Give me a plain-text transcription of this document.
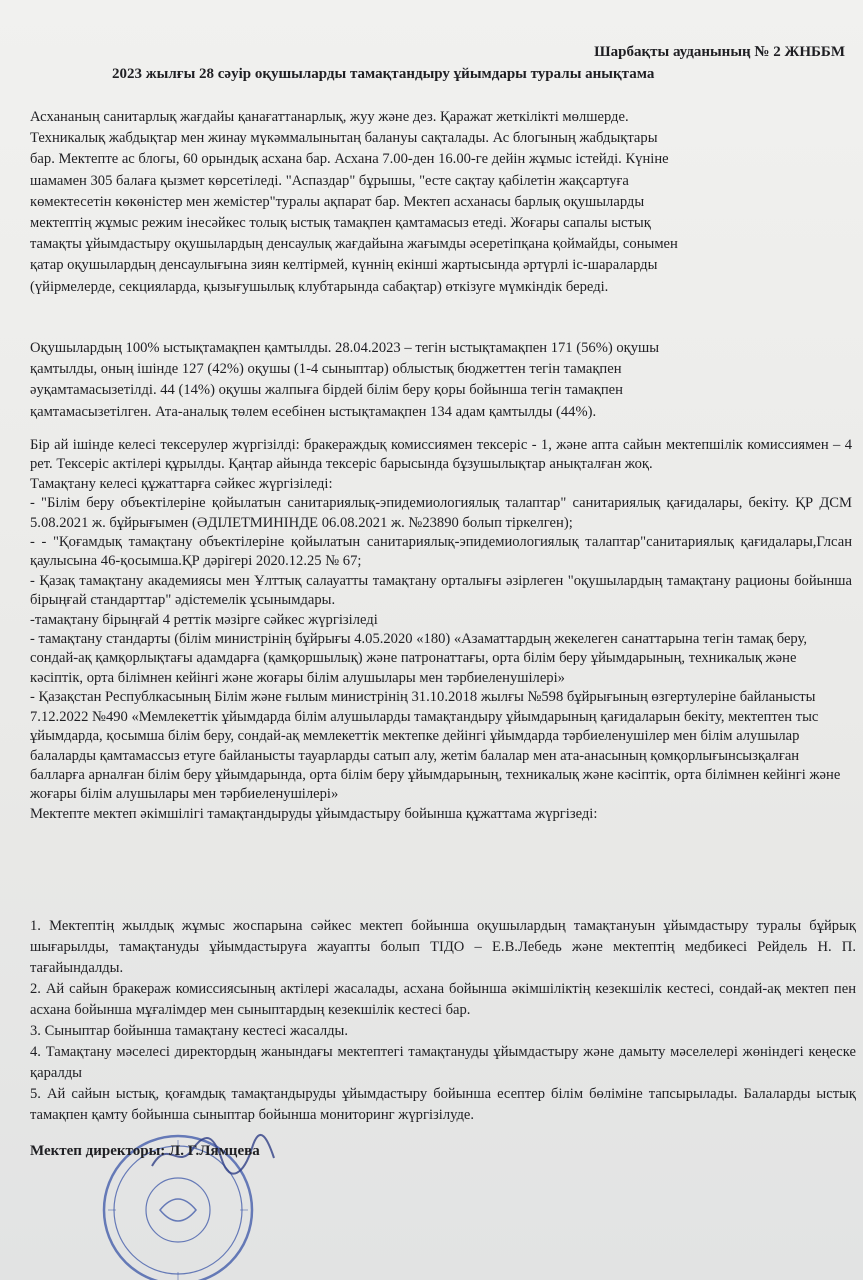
Шарбақты ауданының № 2 ЖНББМ
2023 жылғы 28 сәуір оқушыларды тамақтандыру ұйымдары туралы анықтама

Асхананың санитарлық жағдайы қанағаттанарлық, жуу және дез. Қаражат жеткілікті мөлшерде.

Техникалық жабдықтар мен жинау мүкәммалынытаң балануы сақталады. Ас блогының жабдықтары

бар. Мектепте ас блогы, 60 орындық асхана бар. Асхана 7.00-ден 16.00-ге дейін жұмыс істейді. Күніне

шамамен 305 балаға қызмет көрсетіледі. "Аспаздар" бұрышы, "есте сақтау қабілетін жақсартуға

көмектесетін көкөністер мен жемістер"туралы ақпарат бар. Мектеп асханасы барлық оқушыларды

мектептің жұмыс режим інесәйкес толық ыстық тамақпен қамтамасыз етеді. Жоғары сапалы ыстық

тамақты ұйымдастыру оқушылардың денсаулық жағдайына жағымды әсеретіпқана қоймайды, сонымен

қатар оқушылардың денсаулығына зиян келтірмей, күннің екінші жартысында әртүрлі іс-шараларды

(үйірмелерде, секцияларда, қызығушылық клубтарында сабақтар) өткізуге мүмкіндік береді.

Оқушылардың 100% ыстықтамақпен қамтылды. 28.04.2023 – тегін ыстықтамақпен 171 (56%) оқушы

қамтылды, оның ішінде 127 (42%) оқушы (1-4 сыныптар) облыстық бюджеттен тегін тамақпен

әуқамтамасызетілді. 44 (14%) оқушы жалпыға бірдей білім беру қоры бойынша тегін тамақпен

қамтамасызетілген. Ата-аналық төлем есебінен ыстықтамақпен 134 адам қамтылды (44%).

Бір ай ішінде келесі тексерулер жүргізілді: бракераждық комиссиямен тексеріс - 1, және апта сайын мектепшілік комиссиямен – 4 рет. Тексеріс актілері құрылды. Қаңтар айында тексеріс барысында бұзушылықтар анықталған жоқ.

Тамақтану келесі құжаттарға сәйкес жүргізіледі:

- "Білім беру объектілеріне қойылатын санитариялық-эпидемиологиялық талаптар" санитариялық қағидалары, бекіту. ҚР ДСМ 5.08.2021 ж. бұйрығымен (ӘДІЛЕТМИНІНДЕ 06.08.2021 ж. №23890 болып тіркелген);

- - "Қоғамдық тамақтану объектілеріне қойылатын санитариялық-эпидемиологиялық талаптар"санитариялық қағидалары,Глсан қаулысына 46-қосымша.ҚР дәрігері 2020.12.25 № 67;

- Қазақ тамақтану академиясы мен Ұлттық салауатты тамақтану орталығы әзірлеген "оқушылардың тамақтану рационы бойынша бірыңғай стандарттар" әдістемелік ұсынымдары.

-тамақтану бірыңғай 4 реттік мәзірге сәйкес жүргізіледі

- тамақтану стандарты (білім министрінің бұйрығы 4.05.2020 «180) «Азаматтардың жекелеген санаттарына тегін тамақ беру, сондай-ақ қамқорлықтағы адамдарға (қамқоршылық) және патронаттағы, орта білім беру ұйымдарының, техникалық және кәсіптік, орта білімнен кейінгі және жоғары білім алушылары мен тәрбиеленушілері»

- Қазақстан Республкасының Білім және ғылым министрінің 31.10.2018 жылғы №598 бұйрығының өзгертулеріне байланысты 7.12.2022 №490 «Мемлекеттік ұйымдарда білім алушыларды тамақтандыру ұйымдарының қағидаларын бекіту, мектептен тыс ұйымдарда, қосымша білім беру, сондай-ақ мемлекеттік мектепке дейінгі ұйымдарда тәрбиеленушілер мен білім алушылар балаларды қамтамассыз етуге байланысты тауарларды сатып алу, жетім балалар мен ата-анасының қомқорлығынсызқалған балларға арналған білім беру ұйымдарында, орта білім беру ұйымдарының, техникалық және кәсіптік, орта білімнен кейінгі және жоғары білім алушылары мен тәрбиеленушілері»

Мектепте мектеп әкімшілігі тамақтандыруды ұйымдастыру бойынша құжаттама жүргізеді:

1. Мектептің жылдық жұмыс жоспарына сәйкес мектеп бойынша оқушылардың тамақтануын ұйымдастыру туралы бұйрық шығарылды, тамақтануды ұйымдастыруға жауапты болып ТІДО – Е.В.Лебедь және мектептің медбикесі Рейдель Н. П. тағайындалды.

2. Ай сайын бракераж комиссиясының актілері жасалады, асхана бойынша әкімшіліктің кезекшілік кестесі, сондай-ақ мектеп пен асхана бойынша мұғалімдер мен сыныптардың кезекшілік кестесі бар.

3. Сыныптар бойынша тамақтану кестесі жасалды.

4. Тамақтану мәселесі директордың жанындағы мектептегі тамақтануды ұйымдастыру және дамыту мәселелері жөніндегі кеңеске қаралды

5. Ай сайын ыстық, қоғамдық тамақтандыруды ұйымдастыру бойынша есептер білім бөліміне тапсырылады. Балаларды ыстық тамақпен қамту бойынша сыныптар бойынша мониторинг жүргізілуде.

Мектеп директоры: Л. Г.Лямцева
